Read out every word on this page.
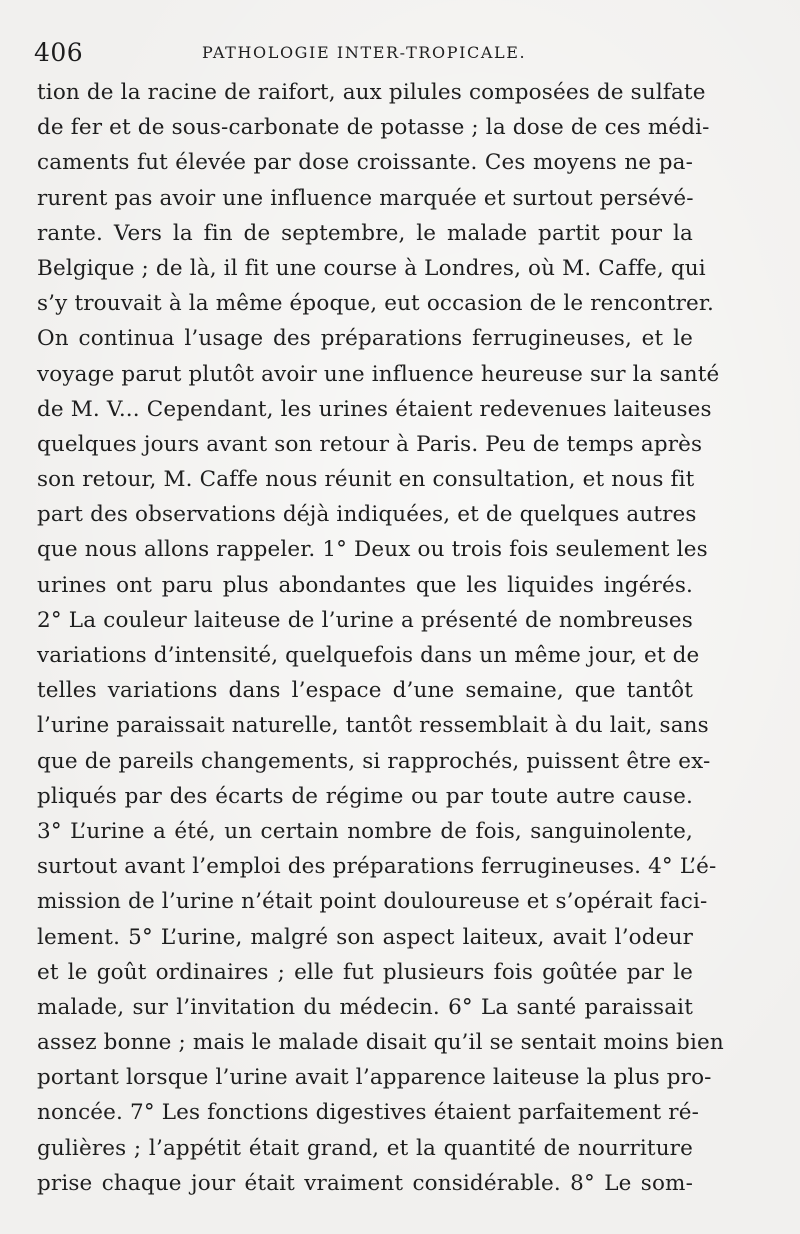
406	PATHOLOGIE INTER-TROPICALE.
tion de la racine de raifort, aux pilules composées de sulfate
de fer et de sous-carbonate de potasse ; la dose de ces médi-
caments fut élevée par dose croissante. Ces moyens ne pa-
rurent pas avoir une influence marquée et surtout persévé-
rante. Vers la fin de septembre, le malade partit pour la
Belgique ; de là, il fit une course à Londres, où M. Caffe, qui
s’y trouvait à la même époque, eut occasion de le rencontrer.
On continua l’usage des préparations ferrugineuses, et le
voyage parut plutôt avoir une influence heureuse sur la santé
de M. V... Cependant, les urines étaient redevenues laiteuses
quelques jours avant son retour à Paris. Peu de temps après
son retour, M. Caffe nous réunit en consultation, et nous fit
part des observations déjà indiquées, et de quelques autres
que nous allons rappeler. 1° Deux ou trois fois seulement les
urines ont paru plus abondantes que les liquides ingérés.
2° La couleur laiteuse de l’urine a présenté de nombreuses
variations d’intensité, quelquefois dans un même jour, et de
telles variations dans l’espace d’une semaine, que tantôt
l’urine paraissait naturelle, tantôt ressemblait à du lait, sans
que de pareils changements, si rapprochés, puissent être ex-
pliqués par des écarts de régime ou par toute autre cause.
3° L’urine a été, un certain nombre de fois, sanguinolente,
surtout avant l’emploi des préparations ferrugineuses. 4° L’é-
mission de l’urine n’était point douloureuse et s’opérait faci-
lement. 5° L’urine, malgré son aspect laiteux, avait l’odeur
et le goût ordinaires ; elle fut plusieurs fois goûtée par le
malade, sur l’invitation du médecin. 6° La santé paraissait
assez bonne ; mais le malade disait qu’il se sentait moins bien
portant lorsque l’urine avait l’apparence laiteuse la plus pro-
noncée. 7° Les fonctions digestives étaient parfaitement ré-
gulières ; l’appétit était grand, et la quantité de nourriture
prise chaque jour était vraiment considérable. 8° Le som-
